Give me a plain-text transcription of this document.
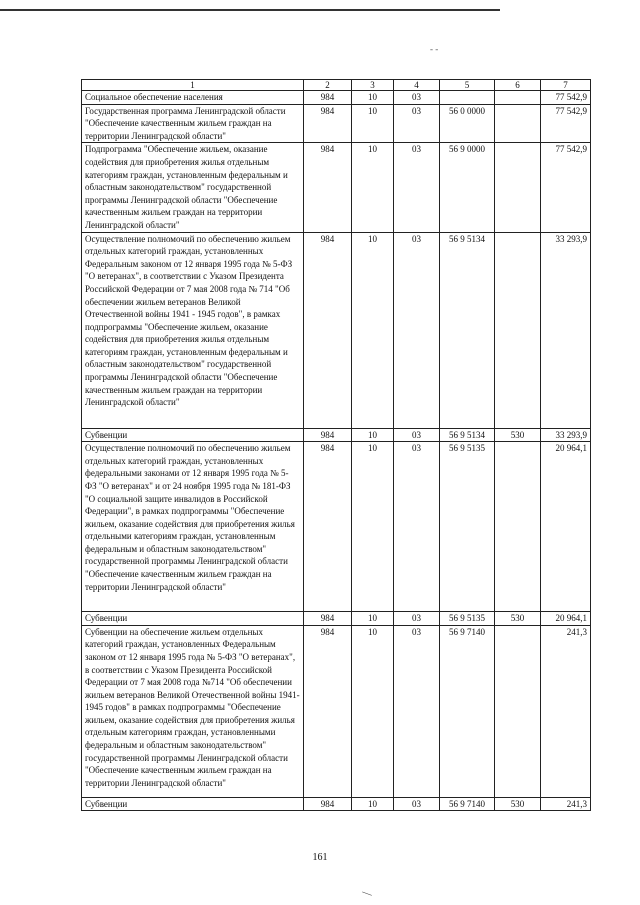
- -
1	2	3	4	5	6	7
Социальное обеспечение населения	984	10	03			77 542,9
Государственная программа Ленинградской области "Обеспечение качественным жильем граждан на территории Ленинградской области"	984	10	03	56 0 0000		77 542,9
Подпрограмма "Обеспечение жильем, оказание содействия для приобретения жилья отдельным категориям граждан, установленным федеральным и областным законодательством" государственной программы Ленинградской области "Обеспечение качественным жильем граждан на территории Ленинградской области"	984	10	03	56 9 0000		77 542,9
Осуществление полномочий по обеспечению жильем отдельных категорий граждан, установленных Федеральным законом от 12 января 1995 года № 5-ФЗ "О ветеранах", в соответствии с Указом Президента Российской Федерации от 7 мая 2008 года № 714 "Об обеспечении жильем ветеранов Великой Отечественной войны 1941 - 1945 годов", в рамках подпрограммы "Обеспечение жильем, оказание содействия для приобретения жилья отдельным категориям граждан, установленным федеральным и областным законодательством" государственной программы Ленинградской области "Обеспечение качественным жильем граждан на территории Ленинградской области"	984	10	03	56 9 5134		33 293,9
Субвенции	984	10	03	56 9 5134	530	33 293,9
Осуществление полномочий по обеспечению жильем отдельных категорий граждан, установленных федеральными законами от 12 января 1995 года № 5-ФЗ "О ветеранах" и от 24 ноября 1995 года № 181-ФЗ "О социальной защите инвалидов в Российской Федерации", в рамках подпрограммы "Обеспечение жильем, оказание содействия для приобретения жилья отдельными категориям граждан, установленным федеральным и областным законодательством" государственной программы Ленинградской области "Обеспечение качественным жильем граждан на территории Ленинградской области"	984	10	03	56 9 5135		20 964,1
Субвенции	984	10	03	56 9 5135	530	20 964,1
Субвенции на обеспечение жильем отдельных категорий граждан, установленных Федеральным законом от 12 января 1995 года № 5-ФЗ "О ветеранах", в соответствии с Указом Президента Российской Федерации от 7 мая 2008 года №714 "Об обеспечении жильем ветеранов Великой Отечественной войны 1941-1945 годов" в рамках подпрограммы "Обеспечение жильем, оказание содействия для приобретения жилья отдельным категориям граждан, установленными федеральным и областным законодательством" государственной программы Ленинградской области "Обеспечение качественным жильем граждан на территории Ленинградской области"	984	10	03	56 9 7140		241,3
Субвенции	984	10	03	56 9 7140	530	241,3
161
—
